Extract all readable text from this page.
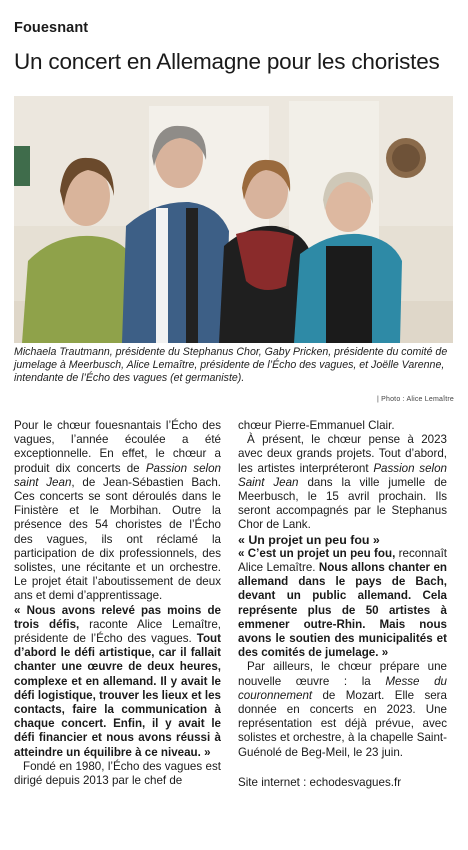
Fouesnant
Un concert en Allemagne pour les choristes
Michaela Trautmann, présidente du Stephanus Chor, Gaby Pricken, présidente du comité de jumelage à Meerbusch, Alice Lemaître, présidente de l’Écho des vagues, et Joëlle Varenne, intendante de l’Écho des vagues (et germaniste).
| Photo : Alice Lemaître

Pour le chœur fouesnantais l’Écho des vagues, l’année écoulée a été exceptionnelle. En effet, le chœur a produit dix concerts de Passion selon saint Jean, de Jean-Sébastien Bach. Ces concerts se sont déroulés dans le Finistère et le Morbihan. Outre la présence des 54 choristes de l’Écho des vagues, ils ont réclamé la participation de dix professionnels, des solistes, une récitante et un orchestre. Le projet était l’aboutissement de deux ans et demi d’apprentissage.

« Nous avons relevé pas moins de trois défis, raconte Alice Lemaître, présidente de l’Écho des vagues. Tout d’abord le défi artistique, car il fallait chanter une œuvre de deux heures, complexe et en allemand. Il y avait le défi logistique, trouver les lieux et les contacts, faire la communication à chaque concert. Enfin, il y avait le défi financier et nous avons réussi à atteindre un équilibre à ce niveau. »

Fondé en 1980, l’Écho des vagues est dirigé depuis 2013 par le chef de

chœur Pierre-Emmanuel Clair.

À présent, le chœur pense à 2023 avec deux grands projets. Tout d’abord, les artistes interpréteront Passion selon Saint Jean dans la ville jumelle de Meerbusch, le 15 avril prochain. Ils seront accompagnés par le Stephanus Chor de Lank.

« Un projet un peu fou »

« C’est un projet un peu fou, reconnaît Alice Lemaître. Nous allons chanter en allemand dans le pays de Bach, devant un public allemand. Cela représente plus de 50 artistes à emmener outre-Rhin. Mais nous avons le soutien des municipalités et des comités de jumelage. »

Par ailleurs, le chœur prépare une nouvelle œuvre : la Messe du couronnement de Mozart. Elle sera donnée en concerts en 2023. Une représentation est déjà prévue, avec solistes et orchestre, à la chapelle Saint-Guénolé de Beg-Meil, le 23 juin.

Site internet : echodesvagues.fr
